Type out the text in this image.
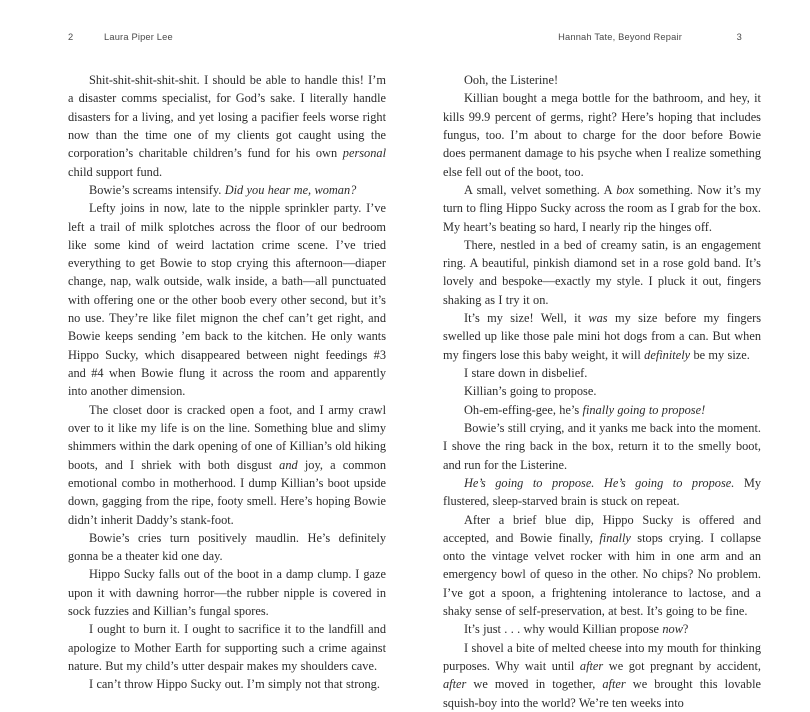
2	Laura Piper Lee	Hannah Tate, Beyond Repair	3

Shit-shit-shit-shit-shit. I should be able to handle this! I’m a disaster comms specialist, for God’s sake. I literally handle disasters for a living, and yet losing a pacifier feels worse right now than the time one of my clients got caught using the corporation’s charitable children’s fund for his own personal child support fund.

Bowie’s screams intensify. Did you hear me, woman?

Lefty joins in now, late to the nipple sprinkler party. I’ve left a trail of milk splotches across the floor of our bedroom like some kind of weird lactation crime scene. I’ve tried everything to get Bowie to stop crying this afternoon—diaper change, nap, walk outside, walk inside, a bath—all punctuated with offering one or the other boob every other second, but it’s no use. They’re like filet mignon the chef can’t get right, and Bowie keeps sending ’em back to the kitchen. He only wants Hippo Sucky, which disappeared between night feedings #3 and #4 when Bowie flung it across the room and apparently into another dimension.

The closet door is cracked open a foot, and I army crawl over to it like my life is on the line. Something blue and slimy shimmers within the dark opening of one of Killian’s old hiking boots, and I shriek with both disgust and joy, a common emotional combo in motherhood. I dump Killian’s boot upside down, gagging from the ripe, footy smell. Here’s hoping Bowie didn’t inherit Daddy’s stank-foot.

Bowie’s cries turn positively maudlin. He’s definitely gonna be a theater kid one day.

Hippo Sucky falls out of the boot in a damp clump. I gaze upon it with dawning horror—the rubber nipple is covered in sock fuzzies and Killian’s fungal spores.

I ought to burn it. I ought to sacrifice it to the landfill and apologize to Mother Earth for supporting such a crime against nature. But my child’s utter despair makes my shoulders cave.

I can’t throw Hippo Sucky out. I’m simply not that strong.

Ooh, the Listerine!

Killian bought a mega bottle for the bathroom, and hey, it kills 99.9 percent of germs, right? Here’s hoping that includes fungus, too. I’m about to charge for the door before Bowie does permanent damage to his psyche when I realize something else fell out of the boot, too.

A small, velvet something. A box something. Now it’s my turn to fling Hippo Sucky across the room as I grab for the box. My heart’s beating so hard, I nearly rip the hinges off.

There, nestled in a bed of creamy satin, is an engagement ring. A beautiful, pinkish diamond set in a rose gold band. It’s lovely and bespoke—exactly my style. I pluck it out, fingers shaking as I try it on.

It’s my size! Well, it was my size before my fingers swelled up like those pale mini hot dogs from a can. But when my fingers lose this baby weight, it will definitely be my size.

I stare down in disbelief.

Killian’s going to propose.

Oh-em-effing-gee, he’s finally going to propose!

Bowie’s still crying, and it yanks me back into the moment. I shove the ring back in the box, return it to the smelly boot, and run for the Listerine.

He’s going to propose. He’s going to propose. My flustered, sleep-starved brain is stuck on repeat.

After a brief blue dip, Hippo Sucky is offered and accepted, and Bowie finally, finally stops crying. I collapse onto the vintage velvet rocker with him in one arm and an emergency bowl of queso in the other. No chips? No problem. I’ve got a spoon, a frightening intolerance to lactose, and a shaky sense of self-preservation, at best. It’s going to be fine.

It’s just . . . why would Killian propose now?

I shovel a bite of melted cheese into my mouth for thinking purposes. Why wait until after we got pregnant by accident, after we moved in together, after we brought this lovable squish-boy into the world? We’re ten weeks into
